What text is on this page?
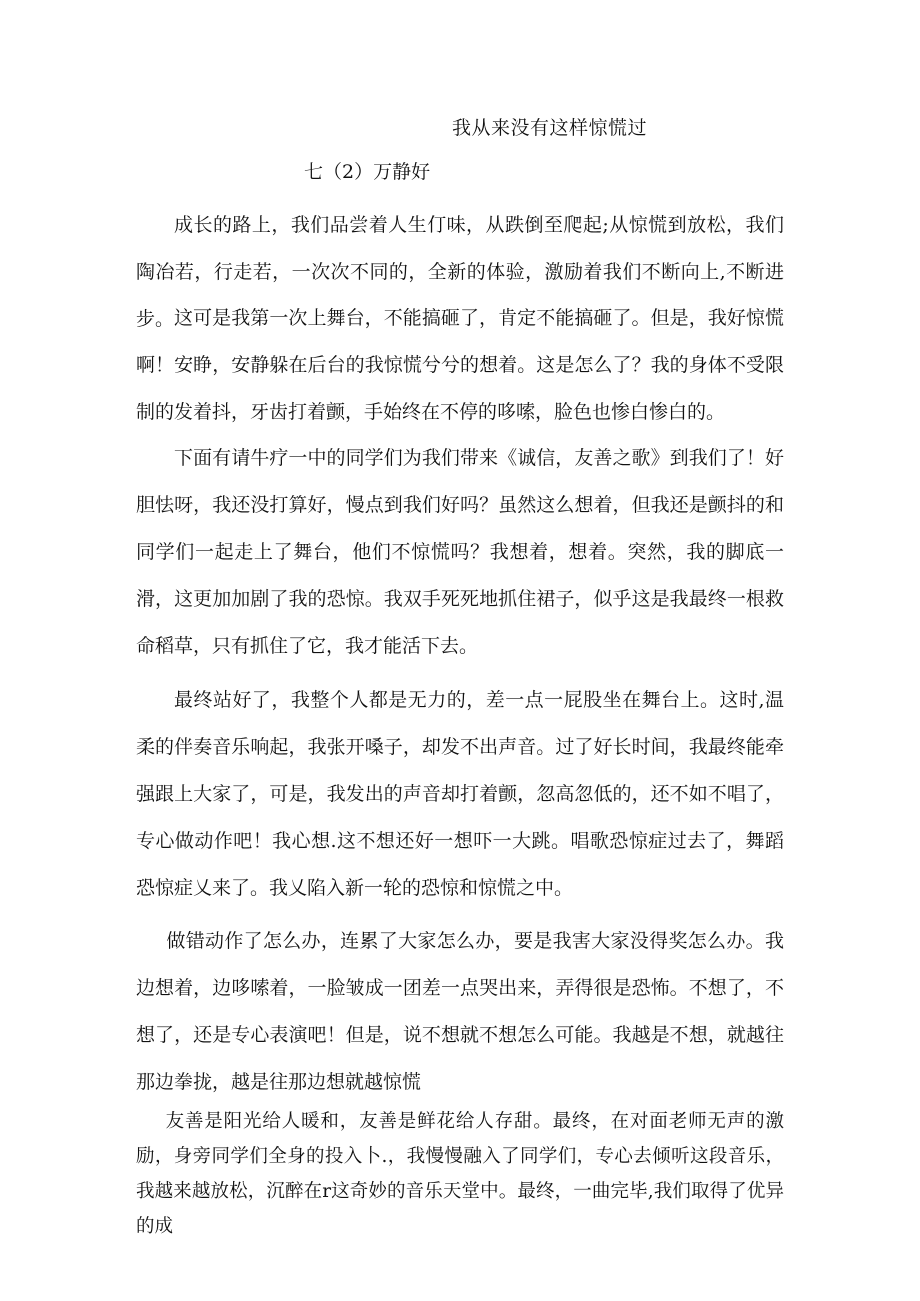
我从来没有这样惊慌过
七（2）万静好

成长的路上，我们品尝着人生仃味，从跌倒至爬起;从惊慌到放松，我们陶冶若，行走若，一次次不同的，全新的体验，激励着我们不断向上,不断进步。 这可是我第一次上舞台，不能搞砸了，肯定不能搞砸了。但是，我好惊慌啊！安睁，安静躲在后台的我惊慌兮兮的想着。这是怎么了？我的身体不受限制的发着抖，牙齿打着颤，手始终在不停的哆嗦，脸色也惨白惨白的。

下面有请牛疗一中的同学们为我们带来《诚信，友善之歌》到我们了！好胆怯呀，我还没打算好，慢点到我们好吗？虽然这么想着，但我还是颤抖的和同学们一起走上了舞台，他们不惊慌吗？我想着，想着。突然，我的脚底一滑，这更加加剧了我的恐惊。我双手死死地抓住裙子，似乎这是我最终一根救命稻草，只有抓住了它，我才能活下去。

最终站好了，我整个人都是无力的，差一点一屁股坐在舞台上。这时,温柔的伴奏音乐响起，我张开嗓子，却发不出声音。过了好长时间，我最终能牵强跟上大家了，可是，我发出的声音却打着颤，忽高忽低的，还不如不唱了，专心做动作吧！我心想.这不想还好一想吓一大跳。唱歌恐惊症过去了，舞蹈恐惊症乂来了。我乂陷入新一轮的恐惊和惊慌之中。

做错动作了怎么办，连累了大家怎么办，要是我害大家没得奖怎么办。我边想着，边哆嗦着，一脸皱成一团差一点哭出来，弄得很是恐怖。不想了，不想了，还是专心表演吧！但是，说不想就不想怎么可能。我越是不想，就越往那边拳拢，越是往那边想就越惊慌

友善是阳光给人暖和，友善是鲜花给人存甜。最终，在对面老师无声的激励，身旁同学们全身的投入卜.，我慢慢融入了同学们，专心去倾听这段音乐，我越来越放松，沉醉在r这奇妙的音乐天堂中。最终，一曲完毕,我们取得了优异的成
